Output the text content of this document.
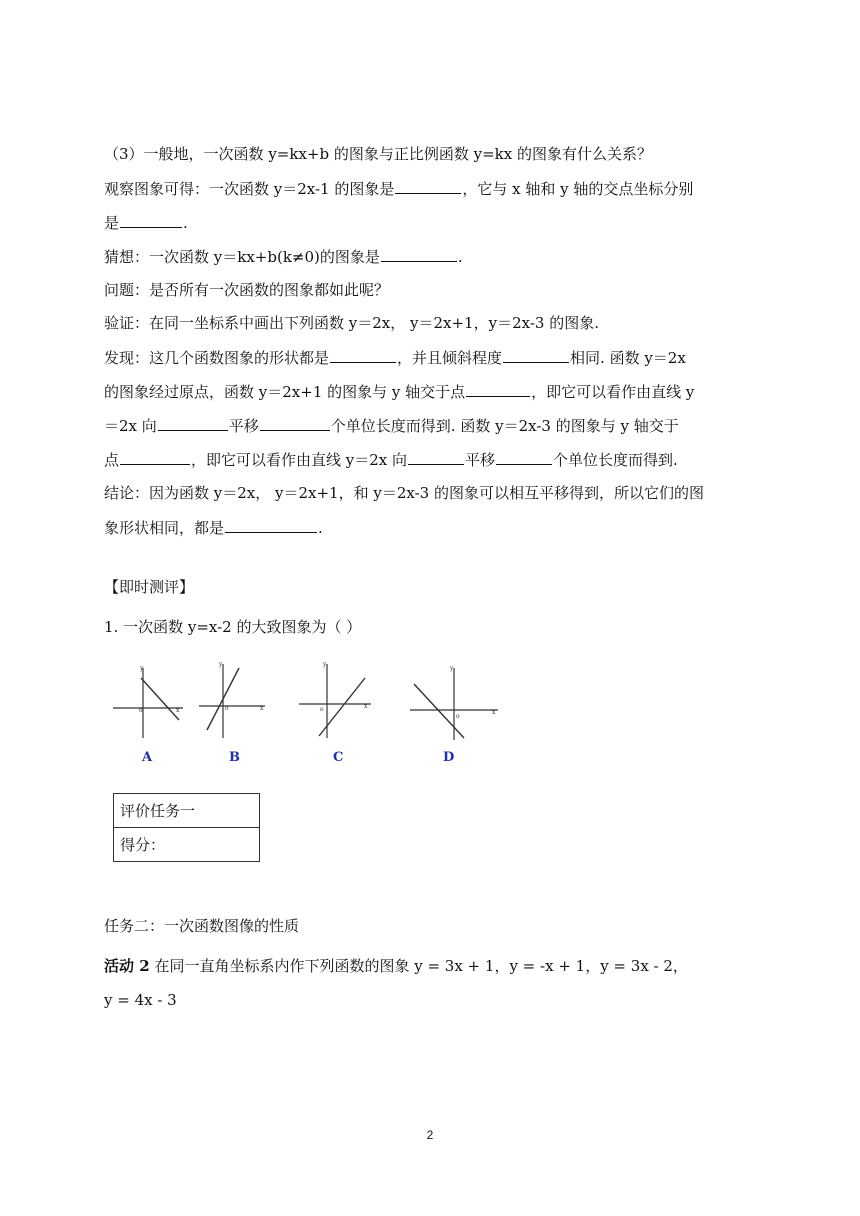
（3）一般地，一次函数 y=kx+b 的图象与正比例函数 y=kx 的图象有什么关系？
观察图象可得：一次函数 y＝2x-1 的图象是	，它与 x 轴和 y 轴的交点坐标分别
是	.
猜想：一次函数 y＝kx+b(k≠0)的图象是	.
问题：是否所有一次函数的图象都如此呢？
验证：在同一坐标系中画出下列函数 y＝2x， y＝2x+1，y＝2x-3 的图象.
发现：这几个函数图象的形状都是	，并且倾斜程度	相同. 函数 y＝2x
的图象经过原点，函数 y＝2x+1 的图象与 y 轴交于点	，即它可以看作由直线 y
＝2x 向	平移	个单位长度而得到. 函数 y＝2x-3 的图象与 y 轴交于
点	，即它可以看作由直线 y＝2x 向	平移	个单位长度而得到.
结论：因为函数 y＝2x， y＝2x+1，和 y＝2x-3 的图象可以相互平移得到，所以它们的图
象形状相同，都是	.
【即时测评】
1. 一次函数 y=x-2 的大致图象为（ ）
o	x
y
A
o	x
y
B
o	x
y
C
o
x
y
D
评价任务一
得分：
任务二：一次函数图像的性质
活动 2 在同一直角坐标系内作下列函数的图象 y = 3x + 1，y = -x + 1，y = 3x - 2，
y = 4x - 3
2
